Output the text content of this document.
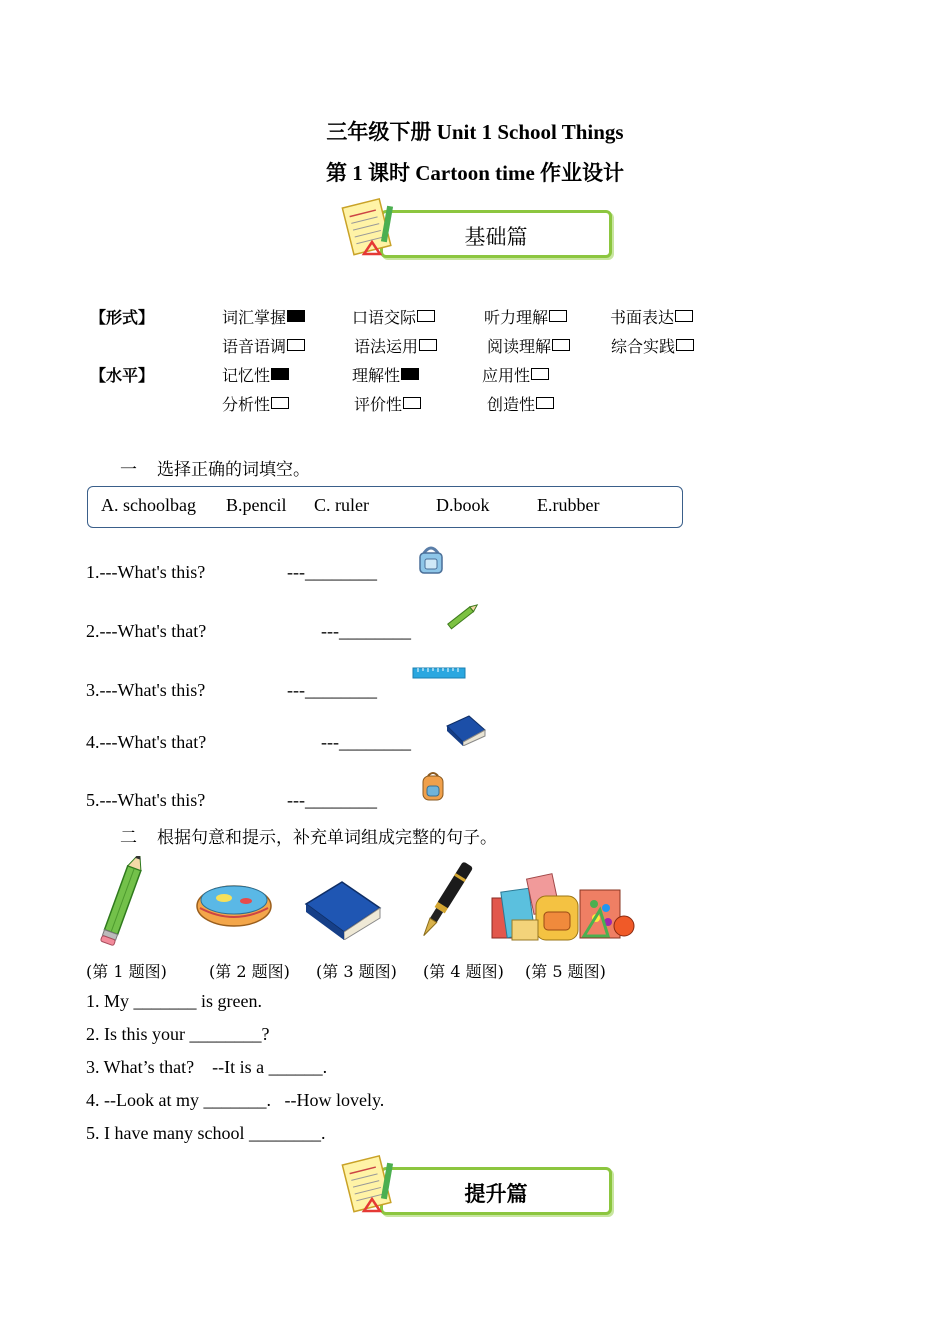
三年级下册 Unit 1 School Things
第 1 课时 Cartoon time 作业设计
基础篇
【形式】	词汇掌握	口语交际	听力理解	书面表达
语音语调	语法运用	阅读理解	综合实践
【水平】	记忆性	理解性	应用性
分析性	评价性	创造性
一 选择正确的词填空。
A. schoolbag B.pencil C. ruler	D.book	E.rubber
1.---What's this?	---________
2.---What's that?	---________
3.---What's this?	---________
4.---What's that?	---________
5.---What's this?	---________
二 根据句意和提示，补充单词组成完整的句子。
(第 1 题图)	(第 2 题图) (第 3 题图) (第 4 题图) (第 5 题图)
1. My _______ is green.
2. Is this your ________?
3. What’s that?    --It is a ______.
4. --Look at my _______.   --How lovely.
5. I have many school ________.
提升篇
